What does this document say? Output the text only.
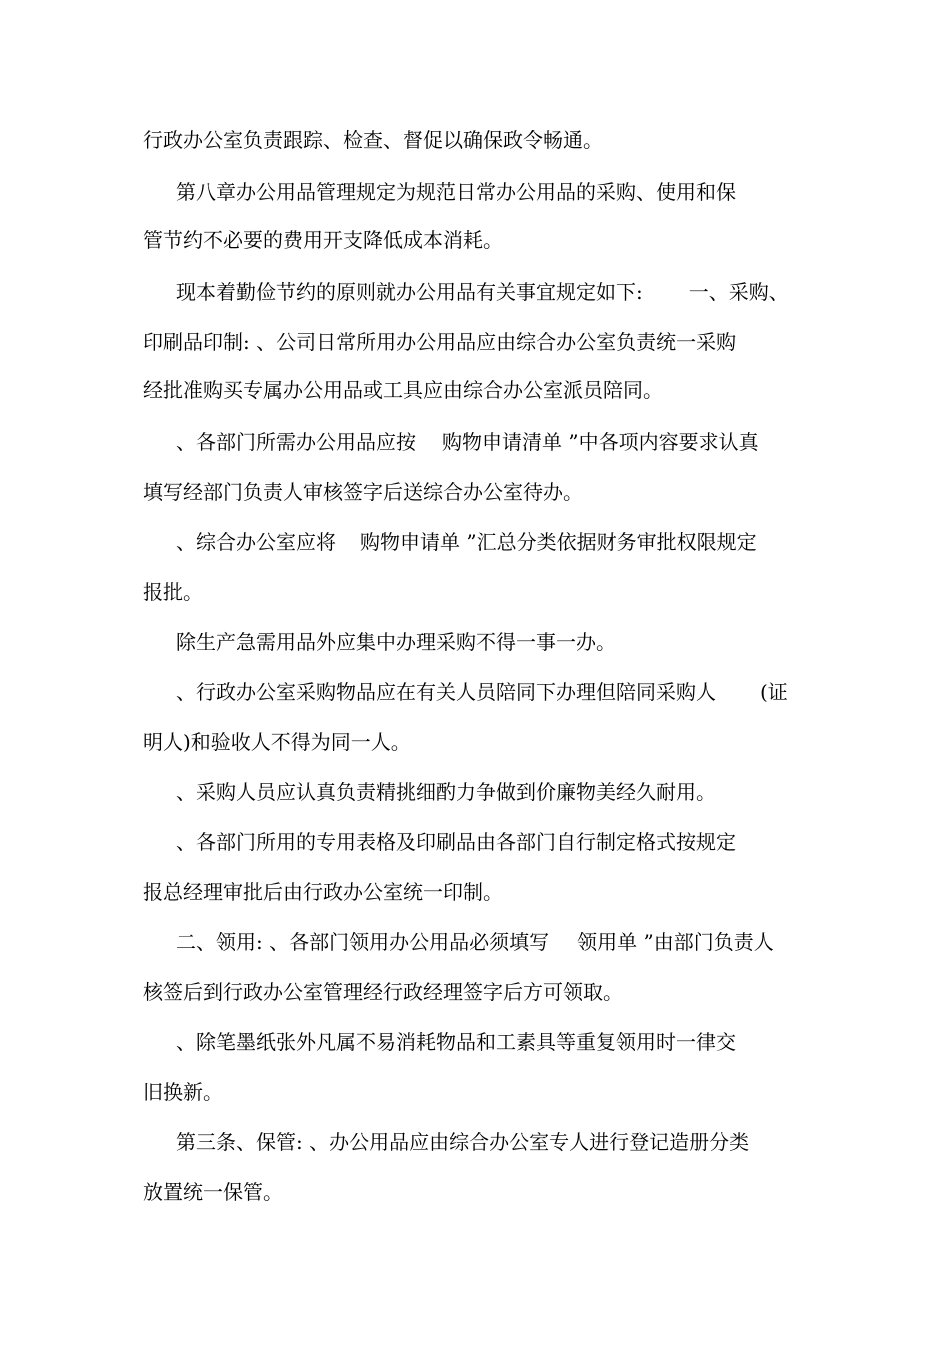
行政办公室负责跟踪、检查、督促以确保政令畅通。
第八章办公用品管理规定为规范日常办公用品的采购、使用和保
管节约不必要的费用开支降低成本消耗。
现本着勤俭节约的原则就办公用品有关事宜规定如下: 一、采购、
印刷品印制: 、公司日常所用办公用品应由综合办公室负责统一采购
经批准购买专属办公用品或工具应由综合办公室派员陪同。
、各部门所需办公用品应按 购物申请清单 ”中各项内容要求认真
填写经部门负责人审核签字后送综合办公室待办。
、综合办公室应将 购物申请单 ”汇总分类依据财务审批权限规定
报批。
除生产急需用品外应集中办理采购不得一事一办。
、行政办公室采购物品应在有关人员陪同下办理但陪同采购人 (证
明人)和验收人不得为同一人。
、采购人员应认真负责精挑细酌力争做到价廉物美经久耐用。
、各部门所用的专用表格及印刷品由各部门自行制定格式按规定
报总经理审批后由行政办公室统一印制。
二、领用: 、各部门领用办公用品必须填写 领用单 ”由部门负责人
核签后到行政办公室管理经行政经理签字后方可领取。
、除笔墨纸张外凡属不易消耗物品和工素具等重复领用时一律交
旧换新。
第三条、保管: 、办公用品应由综合办公室专人进行登记造册分类
放置统一保管。
